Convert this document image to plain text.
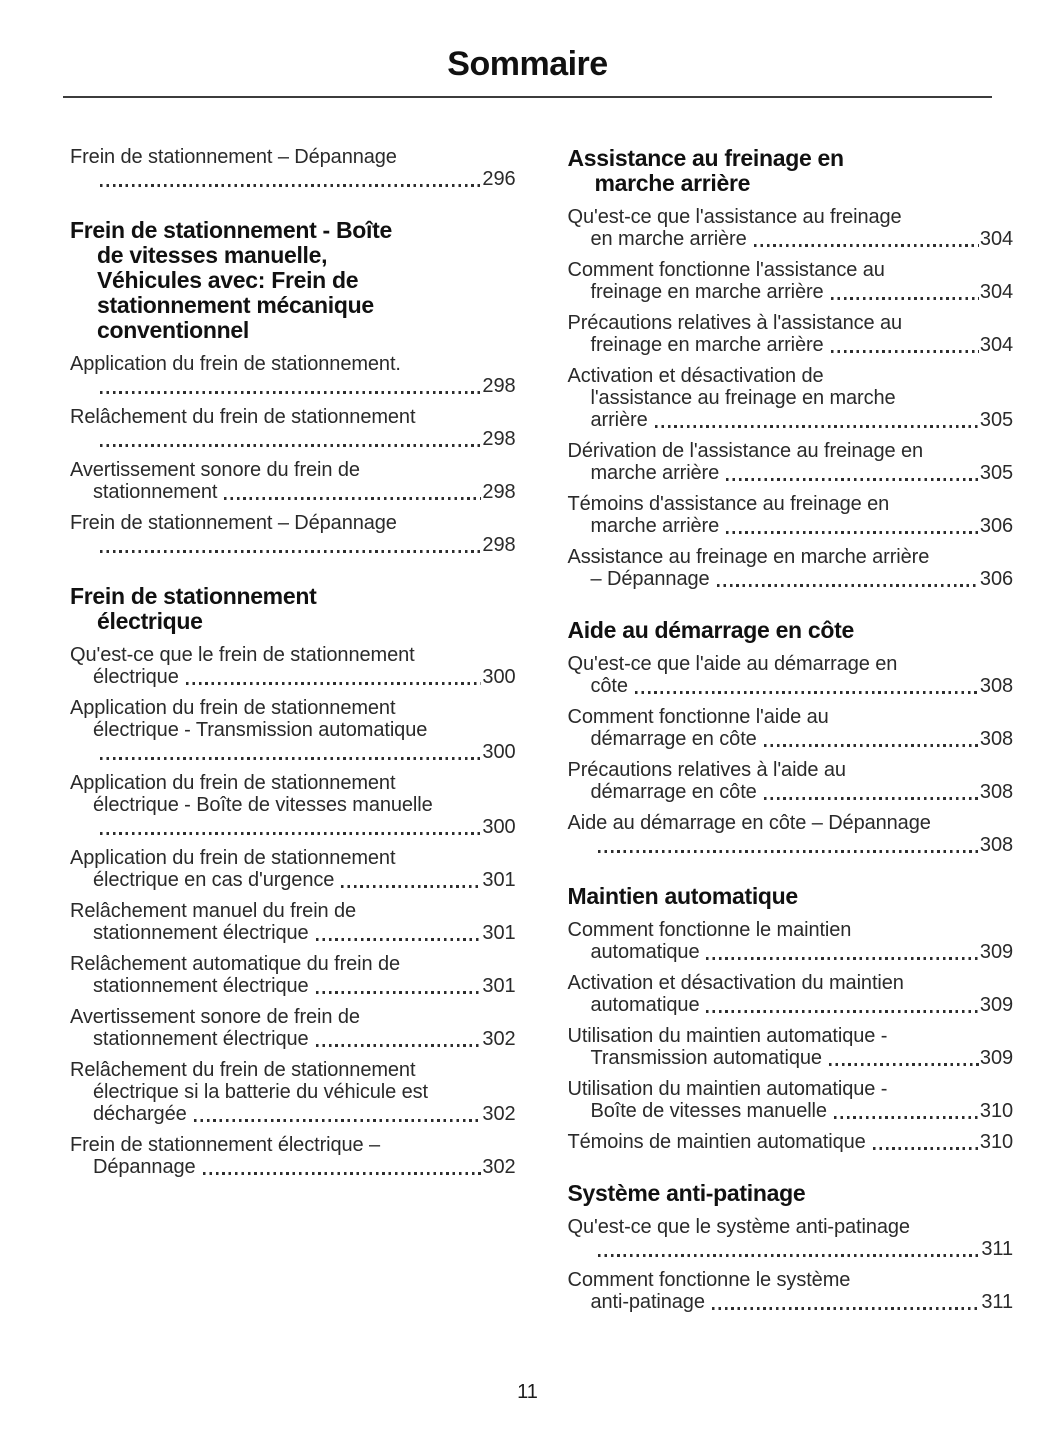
Sommaire
Frein de stationnement – Dépannage
296
Frein de stationnement - Boîte
de vitesses manuelle,
Véhicules avec: Frein de
stationnement mécanique
conventionnel
Application du frein de stationnement.
298
Relâchement du frein de stationnement
298
Avertissement sonore du frein de
stationnement	298
Frein de stationnement – Dépannage
298
Frein de stationnement
électrique
Qu'est-ce que le frein de stationnement
électrique	300
Application du frein de stationnement
électrique - Transmission automatique
300
Application du frein de stationnement
électrique - Boîte de vitesses manuelle
300
Application du frein de stationnement
électrique en cas d'urgence	301
Relâchement manuel du frein de
stationnement électrique	301
Relâchement automatique du frein de
stationnement électrique	301
Avertissement sonore de frein de
stationnement électrique	302
Relâchement du frein de stationnement
électrique si la batterie du véhicule est
déchargée	302
Frein de stationnement électrique –
Dépannage	302
Assistance au freinage en
marche arrière
Qu'est-ce que l'assistance au freinage
en marche arrière	304
Comment fonctionne l'assistance au
freinage en marche arrière	304
Précautions relatives à l'assistance au
freinage en marche arrière	304
Activation et désactivation de
l'assistance au freinage en marche
arrière	305
Dérivation de l'assistance au freinage en
marche arrière	305
Témoins d'assistance au freinage en
marche arrière	306
Assistance au freinage en marche arrière
– Dépannage	306
Aide au démarrage en côte
Qu'est-ce que l'aide au démarrage en
côte	308
Comment fonctionne l'aide au
démarrage en côte	308
Précautions relatives à l'aide au
démarrage en côte	308
Aide au démarrage en côte – Dépannage
308
Maintien automatique
Comment fonctionne le maintien
automatique	309
Activation et désactivation du maintien
automatique	309
Utilisation du maintien automatique -
Transmission automatique	309
Utilisation du maintien automatique -
Boîte de vitesses manuelle	310
Témoins de maintien automatique	310
Système anti-patinage
Qu'est-ce que le système anti-patinage
311
Comment fonctionne le système
anti-patinage	311
11
